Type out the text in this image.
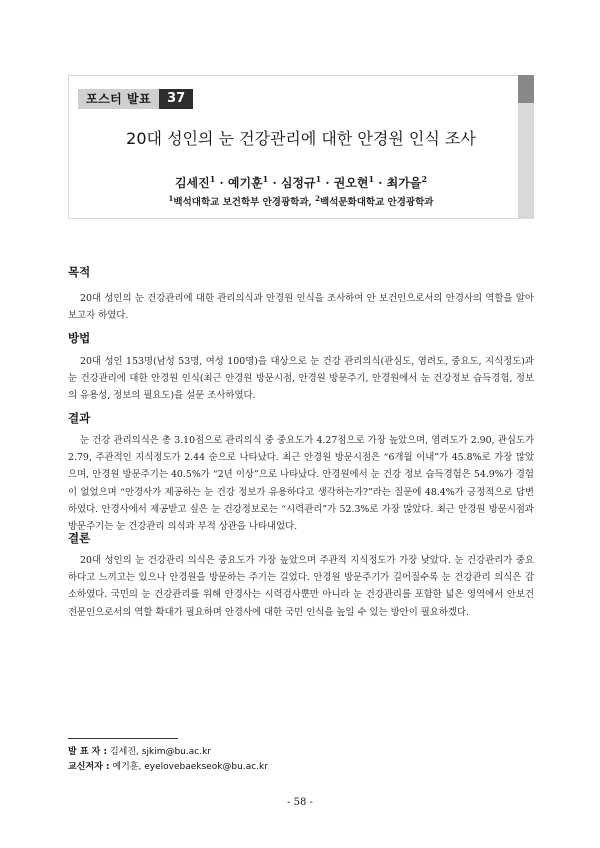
포스터 발표	37
20대 성인의 눈 건강관리에 대한 안경원 인식 조사
김세진$^1$ · 예기훈$^1$ · 심정규$^1$ · 권오현$^1$ · 최가을$^2$
$^1$백석대학교 보건학부 안경광학과, $^2$백석문화대학교 안경광학과
목적
20대 성인의 눈 건강관리에 대한 관리의식과 안경원 인식을 조사하여 안 보건인으로서의 안경사의 역할을 알아보고자 하였다.
방법
20대 성인 153명(남성 53명, 여성 100명)을 대상으로 눈 건강 관리의식(관심도, 염려도, 중요도, 지식정도)과 눈 건강관리에 대한 안경원 인식(최근 안경원 방문시점, 안경원 방문주기, 안경원에서 눈 건강정보 습득경험, 정보의 유용성, 정보의 필요도)을 설문 조사하였다.
결과
눈 건강 관리의식은 총 3.10점으로 관리의식 중 중요도가 4.27점으로 가장 높았으며, 염려도가 2.90, 관심도가 2.79, 주관적인 지식정도가 2.44 순으로 나타났다. 최근 안경원 방문시점은 “6개월 이내”가 45.8%로 가장 많았으며, 안경원 방문주기는 40.5%가 “2년 이상”으로 나타났다. 안경원에서 눈 건강 정보 습득경험은 54.9%가 경험이 없었으며 “안경사가 제공하는 눈 건강 정보가 유용하다고 생각하는가?”라는 질문에 48.4%가 긍정적으로 답변하였다. 안경사에서 제공받고 싶은 눈 건강정보로는 “시력관리”가 52.3%로 가장 많았다. 최근 안경원 방문시점과 방문주기는 눈 건강관리 의식과 부적 상관을 나타내었다.
결론
20대 성인의 눈 건강관리 의식은 중요도가 가장 높았으며 주관적 지식정도가 가장 낮았다. 눈 건강관리가 중요하다고 느끼고는 있으나 안경원을 방문하는 주기는 길었다. 안경원 방문주기가 길어질수록 눈 건강관리 의식은 감소하였다. 국민의 눈 건강관리를 위해 안경사는 시력검사뿐만 아니라 눈 건강관리를 포함한 넓은 영역에서 안보건 전문인으로서의 역할 확대가 필요하며 안경사에 대한 국민 인식을 높일 수 있는 방안이 필요하겠다.
발 표 자 : 김세진, sjkim@bu.ac.kr
교신저자 : 예기훈, eyelovebaekseok@bu.ac.kr
- 58 -
